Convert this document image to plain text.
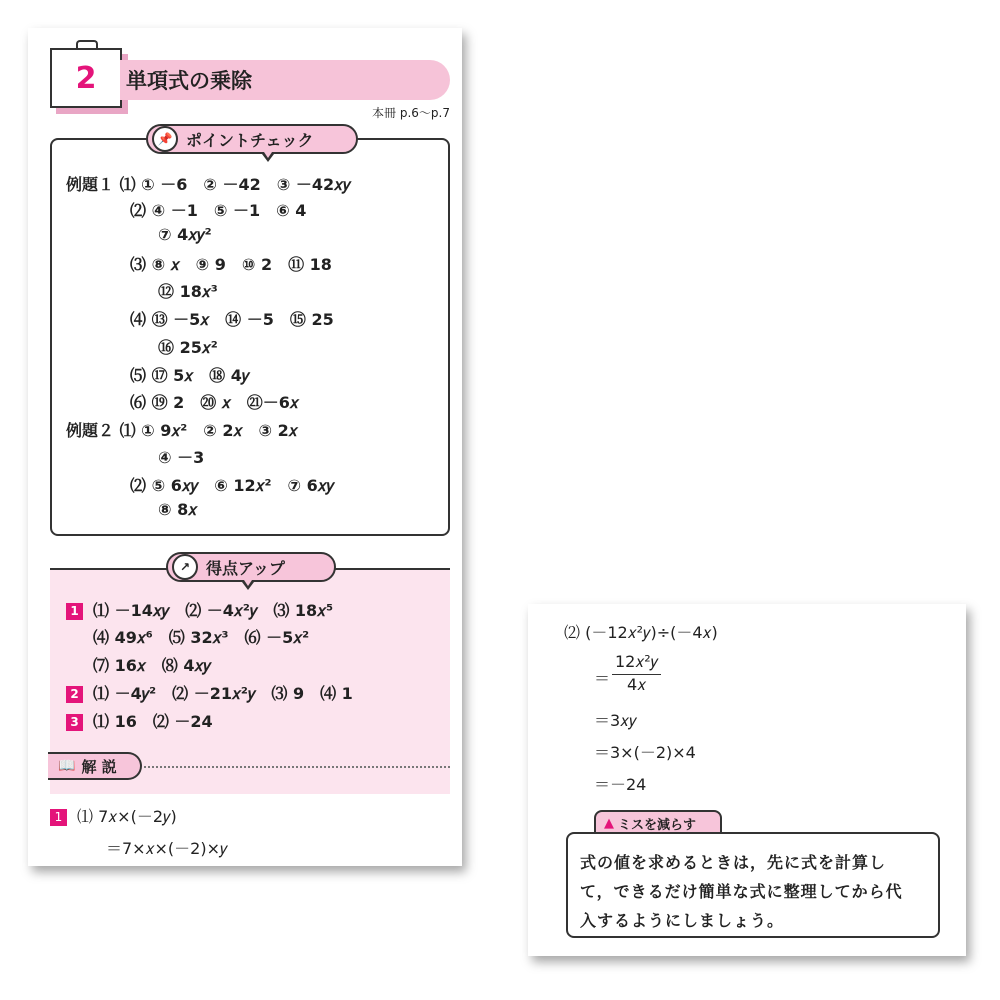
2	単項式の乗除
本冊 p.6～p.7
📌 ポイントチェック
例題１ ⑴ ① －6　② －42　③ －42𝑥𝑦
⑵ ④ －1　⑤ －1　⑥ 4
⑦ 4𝑥𝑦²
⑶ ⑧ 𝑥　⑨ 9　⑩ 2　⑪ 18
⑫ 18𝑥³
⑷ ⑬ －5𝑥　⑭ －5　⑮ 25
⑯ 25𝑥²
⑸ ⑰ 5𝑥　⑱ 4𝑦
⑹ ⑲ 2　⑳ 𝑥　㉑－6𝑥
例題２ ⑴ ① 9𝑥²　② 2𝑥　③ 2𝑥
④ －3
⑵ ⑤ 6𝑥𝑦　⑥ 12𝑥²　⑦ 6𝑥𝑦
⑧ 8𝑥
↗ 得点アップ
1 ⑴ －14𝑥𝑦　⑵ －4𝑥²𝑦　⑶ 18𝑥⁵
⑷ 49𝑥⁶　⑸ 32𝑥³　⑹ －5𝑥²
⑺ 16𝑥　⑻ 4𝑥𝑦
2 ⑴ －4𝑦²　⑵ －21𝑥²𝑦　⑶ 9　⑷ 1
3 ⑴ 16　⑵ －24
📖 解 説
1 ⑴ 7𝑥×(－2𝑦)
＝7×𝑥×(－2)×𝑦
⑵ (－12𝑥²𝑦)÷(－4𝑥)
＝
12𝑥²𝑦
4𝑥
＝3𝑥𝑦
＝3×(－2)×4
＝－24
▲ ミスを減らす
式の値を求めるときは，先に式を計算し
て，できるだけ簡単な式に整理してから代
入するようにしましょう。
